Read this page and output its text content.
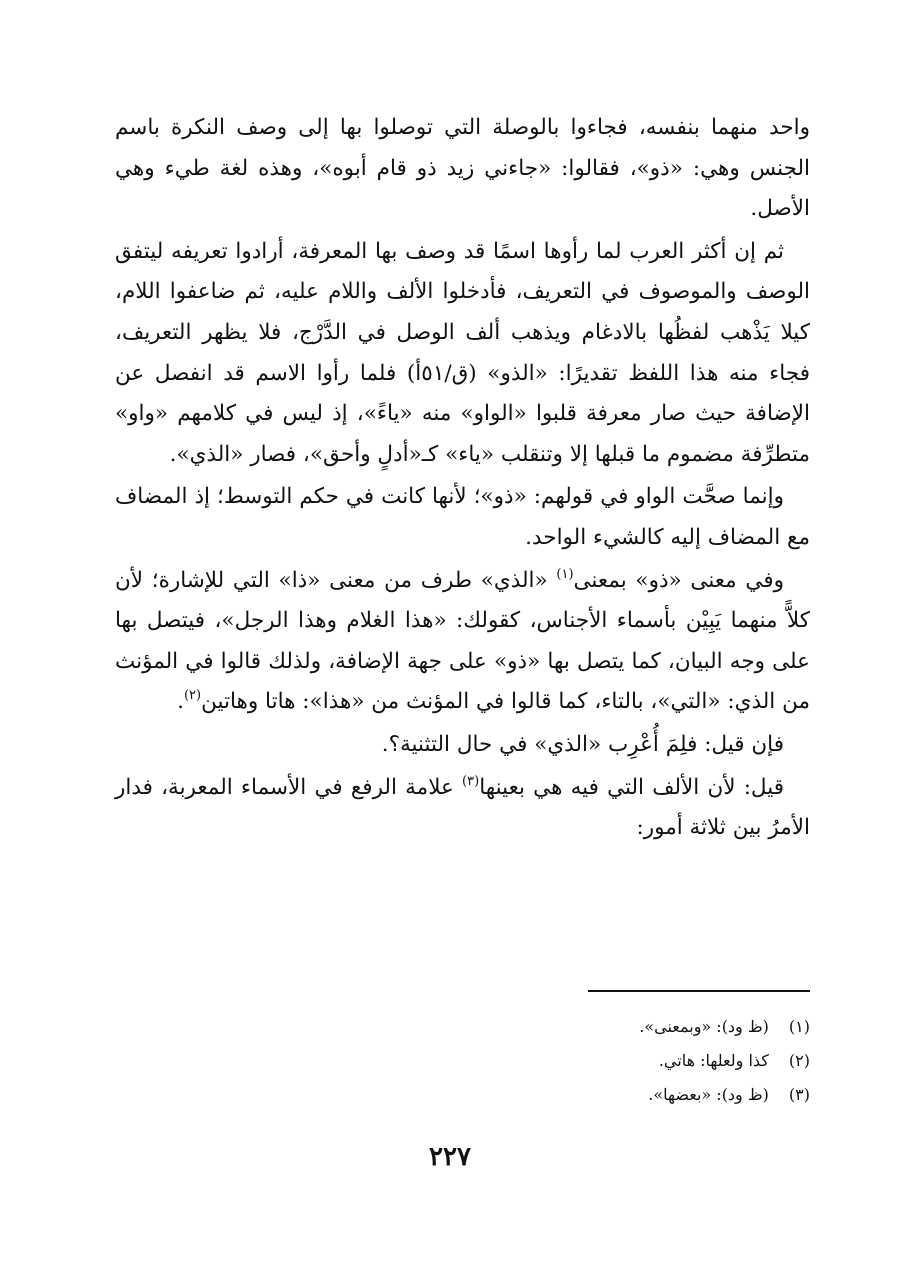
واحد منهما بنفسه، فجاءوا بالوصلة التي توصلوا بها إلى وصف النكرة باسم الجنس وهي: «ذو»، فقالوا: «جاءني زيد ذو قام أبوه»، وهذه لغة طيء وهي الأصل.

ثم إن أكثر العرب لما رأوها اسمًا قد وصف بها المعرفة، أرادوا تعريفه ليتفق الوصف والموصوف في التعريف، فأدخلوا الألف واللام عليه، ثم ضاعفوا اللام، كيلا يَذْهب لفظُها بالادغام ويذهب ألف الوصل في الدَّرْج، فلا يظهر التعريف، فجاء منه هذا اللفظ تقديرًا: «الذو» (ق/٥١أ) فلما رأوا الاسم قد انفصل عن الإضافة حيث صار معرفة قلبوا «الواو» منه «ياءً»، إذ ليس في كلامهم «واو» متطرِّفة مضموم ما قبلها إلا وتنقلب «ياء» كـ«أدلٍ وأحق»، فصار «الذي».

وإنما صحَّت الواو في قولهم: «ذو»؛ لأنها كانت في حكم التوسط؛ إذ المضاف مع المضاف إليه كالشيء الواحد.

وفي معنى «ذو» بمعنى$^{(١)}$ «الذي» طرف من معنى «ذا» التي للإشارة؛ لأن كلاًّ منهما يَبِيْن بأسماء الأجناس، كقولك: «هذا الغلام وهذا الرجل»، فيتصل بها على وجه البيان، كما يتصل بها «ذو» على جهة الإضافة، ولذلك قالوا في المؤنث من الذي: «التي»، بالتاء، كما قالوا في المؤنث من «هذا»: هاتا وهاتين$^{(٢)}$.

فإن قيل: فلِمَ أُعْرِب «الذي» في حال التثنية؟.

قيل: لأن الألف التي فيه هي بعينها$^{(٣)}$ علامة الرفع في الأسماء المعربة، فدار الأمرُ بين ثلاثة أمور:

(١) (ظ ود): «وبمعنى».
(٢) كذا ولعلها: هاتي.
(٣) (ظ ود): «بعضها».
٢٢٧
